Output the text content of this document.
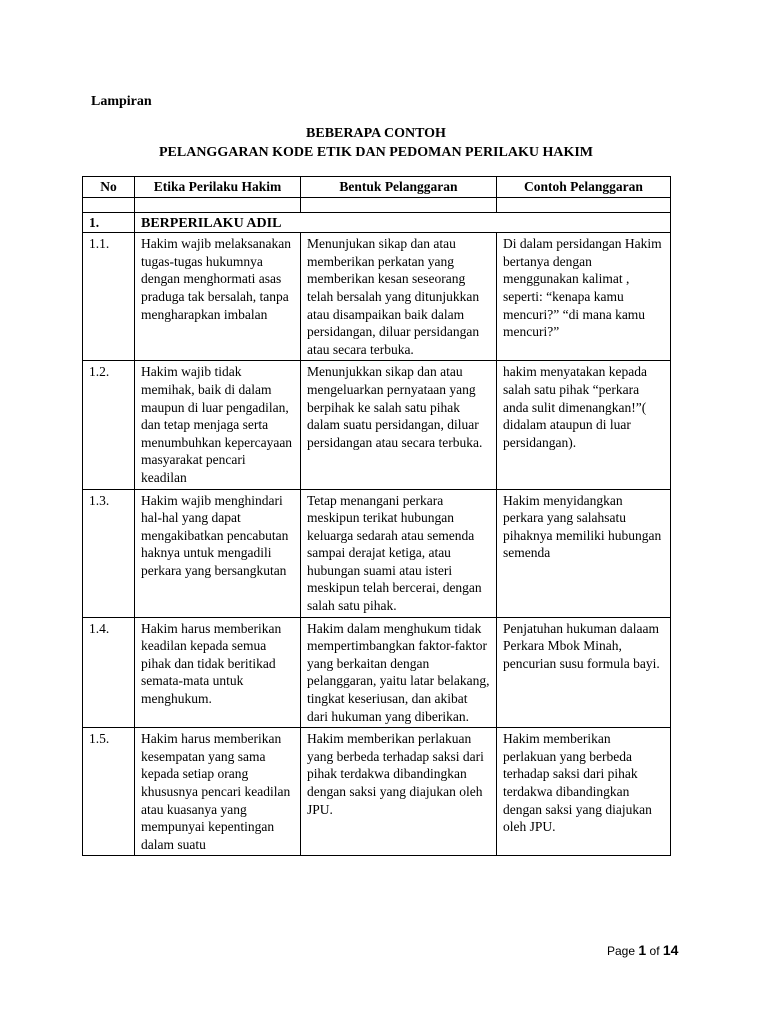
Lampiran
BEBERAPA CONTOH
PELANGGARAN KODE ETIK DAN PEDOMAN PERILAKU HAKIM
No	Etika Perilaku Hakim	Bentuk Pelanggaran	Contoh Pelanggaran

1.	BERPERILAKU ADIL		
1.1.	Hakim wajib melaksanakan tugas-tugas hukumnya dengan menghormati asas praduga tak bersalah, tanpa mengharapkan imbalan	Menunjukan sikap dan atau memberikan perkatan yang memberikan kesan seseorang telah bersalah yang ditunjukkan atau disampaikan baik dalam persidangan, diluar persidangan atau secara terbuka.	Di dalam persidangan Hakim bertanya dengan menggunakan kalimat , seperti: “kenapa kamu mencuri?” “di mana kamu mencuri?”
1.2.	Hakim wajib tidak memihak, baik di dalam maupun di luar pengadilan, dan tetap menjaga serta menumbuhkan kepercayaan masyarakat pencari keadilan	Menunjukkan sikap dan atau mengeluarkan pernyataan yang berpihak ke salah satu pihak dalam suatu persidangan, diluar persidangan atau secara terbuka.	hakim menyatakan kepada salah satu pihak “perkara anda sulit dimenangkan!”( didalam ataupun di luar persidangan).
1.3.	Hakim wajib menghindari hal-hal yang dapat mengakibatkan pencabutan haknya untuk mengadili perkara yang bersangkutan	Tetap menangani perkara meskipun terikat hubungan keluarga sedarah atau semenda sampai derajat ketiga, atau hubungan suami atau isteri meskipun telah bercerai, dengan salah satu pihak.	Hakim menyidangkan perkara yang salahsatu pihaknya memiliki hubungan semenda
1.4.	Hakim harus memberikan keadilan kepada semua pihak dan tidak beritikad semata-mata untuk menghukum.	Hakim dalam menghukum tidak mempertimbangkan faktor-faktor yang berkaitan dengan pelanggaran, yaitu latar belakang, tingkat keseriusan, dan akibat dari hukuman yang diberikan.	Penjatuhan hukuman dalaam Perkara Mbok Minah, pencurian susu formula bayi.
1.5.	Hakim harus memberikan kesempatan yang sama kepada setiap orang khususnya pencari keadilan atau kuasanya yang mempunyai kepentingan dalam suatu	Hakim memberikan perlakuan yang berbeda terhadap saksi dari pihak terdakwa dibandingkan dengan saksi yang diajukan oleh JPU.	Hakim memberikan perlakuan yang berbeda terhadap saksi dari pihak terdakwa dibandingkan dengan saksi yang diajukan oleh JPU.
Page 1 of 14
